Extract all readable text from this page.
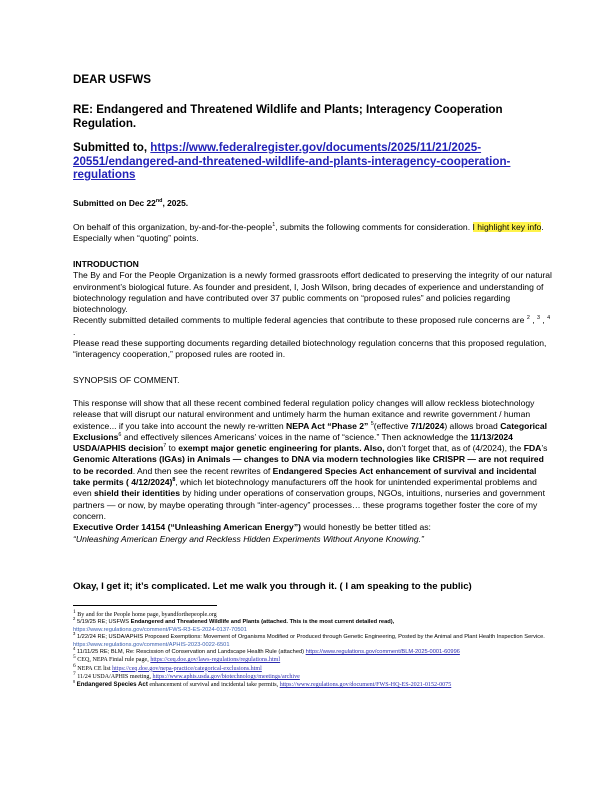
DEAR USFWS
RE: Endangered and Threatened Wildlife and Plants; Interagency Cooperation Regulation.
Submitted to, https://www.federalregister.gov/documents/2025/11/21/2025-20551/endangered-and-threatened-wildlife-and-plants-interagency-cooperation-regulations
Submitted on Dec 22nd, 2025.
On behalf of this organization, by-and-for-the-people$^1$, submits the following comments for consideration. I highlight key info. Especially when “quoting” points.
INTRODUCTION
The By and For the People Organization is a newly formed grassroots effort dedicated to preserving the integrity of our natural environment’s biological future. As founder and president, I, Josh Wilson, bring decades of experience and understanding of biotechnology regulation and have contributed over 37 public comments on “proposed rules” and policies regarding biotechnology.
Recently submitted detailed comments to multiple federal agencies that contribute to these proposed rule concerns are $^2$ , $^3$ , $^4$ .
Please read these supporting documents regarding detailed biotechnology regulation concerns that this proposed regulation, “interagency cooperation,” proposed rules are rooted in.
SYNOPSIS OF COMMENT.
This response will show that all these recent combined federal regulation policy changes will allow reckless biotechnology release that will disrupt our natural environment and untimely harm the human exitance and rewrite government / human existence... if you take into account the newly re-written NEPA Act “Phase 2” $^5$(effective 7/1/2024) allows broad Categorical Exclusions$^6$ and effectively silences Americans’ voices in the name of “science.” Then acknowledge the 11/13/2024 USDA/APHIS decision$^7$ to exempt major genetic engineering for plants. Also, don’t forget that, as of (4/2024), the FDA’s Genomic Alterations (IGAs) in Animals — changes to DNA via modern technologies like CRISPR — are not required to be recorded. And then see the recent rewrites of Endangered Species Act enhancement of survival and incidental take permits ( 4/12/2024)$^8$, which let biotechnology manufacturers off the hook for unintended experimental problems and even shield their identities by hiding under operations of conservation groups, NGOs, intuitions, nurseries and government partners — or now, by maybe operating through “inter-agency” processes… these programs together foster the core of my concern.
Executive Order 14154 (“Unleashing American Energy”) would honestly be better titled as:
“Unleashing American Energy and Reckless Hidden Experiments Without Anyone Knowing.”
Okay, I get it; it’s complicated. Let me walk you through it. ( I am speaking to the public)
$^1$ By and for the People home page, byandforthepeople.org
$^2$ 5/19/25 RE; USFWS Endangered and Threatened Wildlife and Plants (attached. This is the most current detailed read),
https://www.regulations.gov/comment/FWS-R3-ES-2024-0137-70501
$^3$ 1/22/24 RE; USDA/APHIS Proposed Exemptions: Movement of Organisms Modified or Produced through Genetic Engineering, Posted by the Animal and Plant Health Inspection Service. https://www.regulations.gov/comment/APHIS-2023-0022-6501
$^4$ 11/11/25 RE; BLM, Re: Rescission of Conservation and Landscape Health Rule (attached) https://www.regulations.gov/comment/BLM-2025-0001-60996
$^5$ CEQ, NEPA Finial rule page, https://ceq.doe.gov/laws-regulations/regulations.html
$^6$ NEPA CE list https://ceq.doe.gov/nepa-practice/categorical-exclusions.html
$^7$ 11/24 USDA/APHIS meeting, https://www.aphis.usda.gov/biotechnology/meetings/archive
$^8$ Endangered Species Act enhancement of survival and incidental take permits, https://www.regulations.gov/document/FWS-HQ-ES-2021-0152-0075
